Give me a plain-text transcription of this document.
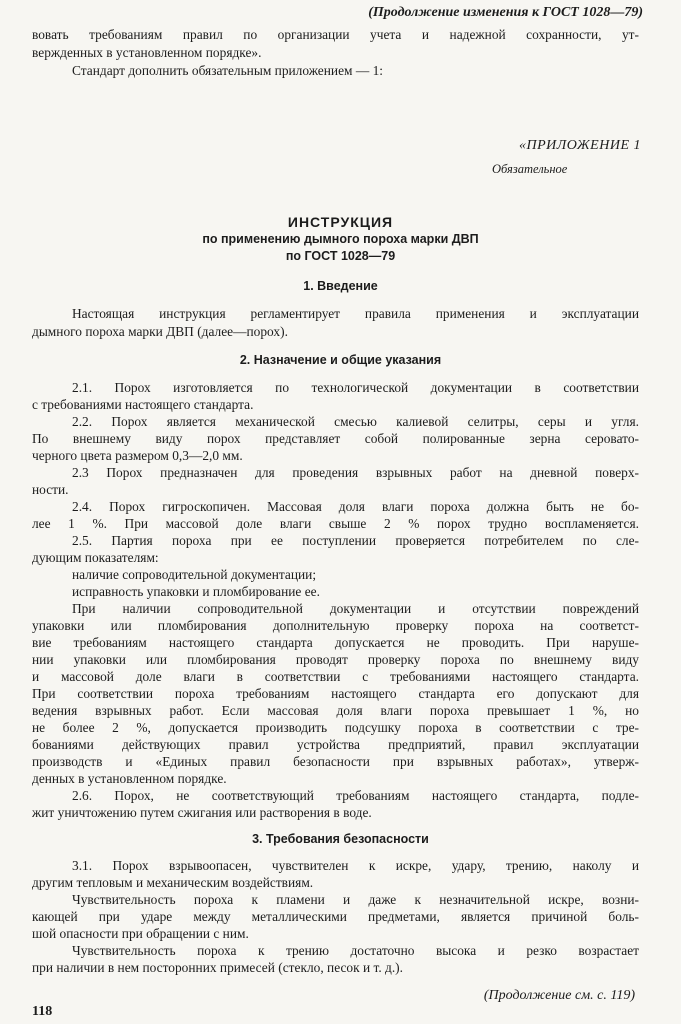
(Продолжение изменения к ГОСТ 1028—79)

вовать требованиям правил по организации учета и надежной сохранности, ут-

вержденных в установленном порядке».

Стандарт дополнить обязательным приложением — 1:

«ПРИЛОЖЕНИЕ 1

Обязательное

ИНСТРУКЦИЯ

по применению дымного пороха марки ДВП

по ГОСТ 1028—79

1. Введение

Настоящая инструкция регламентирует правила применения и эксплуатации

дымного пороха марки ДВП (далее—порох).

2. Назначение и общие указания

2.1. Порох изготовляется по технологической документации в соответствии

с требованиями настоящего стандарта.

2.2. Порох является механической смесью калиевой селитры, серы и угля.

По внешнему виду порох представляет собой полированные зерна серовато-

черного цвета размером 0,3—2,0 мм.

2.3 Порох предназначен для проведения взрывных работ на дневной поверх-

ности.

2.4. Порох гигроскопичен. Массовая доля влаги пороха должна быть не бо-

лее 1 %. При массовой доле влаги свыше 2 % порох трудно воспламеняется.

2.5. Партия пороха при ее поступлении проверяется потребителем по сле-

дующим показателям:

наличие сопроводительной документации;

исправность упаковки и пломбирование ее.

При наличии сопроводительной документации и отсутствии повреждений

упаковки или пломбирования дополнительную проверку пороха на соответст-

вие требованиям настоящего стандарта допускается не проводить. При наруше-

нии упаковки или пломбирования проводят проверку пороха по внешнему виду

и массовой доле влаги в соответствии с требованиями настоящего стандарта.

При соответствии пороха требованиям настоящего стандарта его допускают для

ведения взрывных работ. Если массовая доля влаги пороха превышает 1 %, но

не более 2 %, допускается производить подсушку пороха в соответствии с тре-

бованиями действующих правил устройства предприятий, правил эксплуатации

производств и «Единых правил безопасности при взрывных работах», утверж-

денных в установленном порядке.

2.6. Порох, не соответствующий требованиям настоящего стандарта, подле-

жит уничтожению путем сжигания или растворения в воде.

3. Требования безопасности

3.1. Порох взрывоопасен, чувствителен к искре, удару, трению, наколу и

другим тепловым и механическим воздействиям.

Чувствительность пороха к пламени и даже к незначительной искре, возни-

кающей при ударе между металлическими предметами, является причиной боль-

шой опасности при обращении с ним.

Чувствительность пороха к трению достаточно высока и резко возрастает

при наличии в нем посторонних примесей (стекло, песок и т. д.).

(Продолжение см. с. 119)

118
